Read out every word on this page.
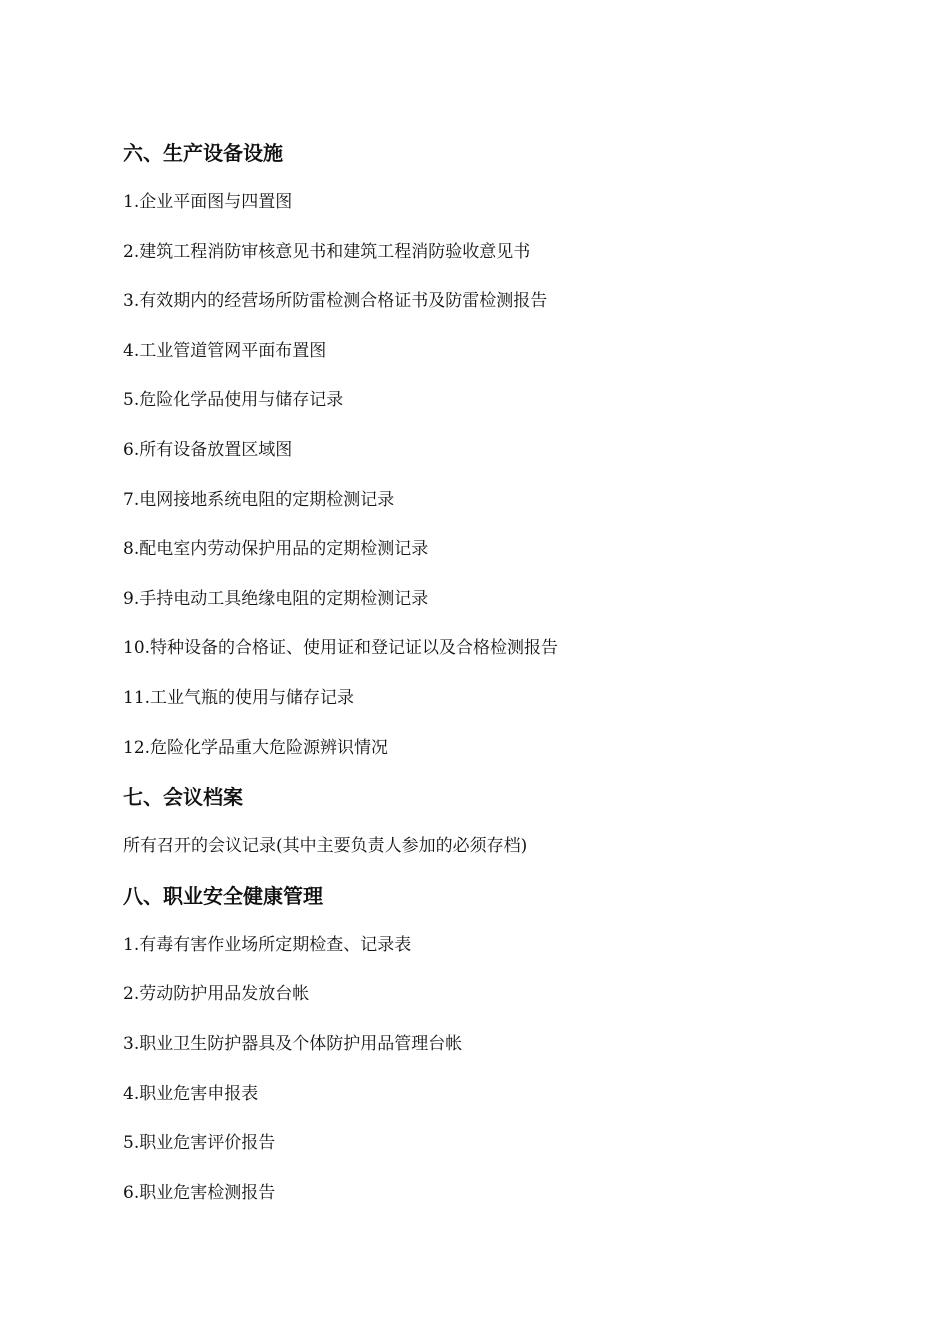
六、生产设备设施
1.企业平面图与四置图
2.建筑工程消防审核意见书和建筑工程消防验收意见书
3.有效期内的经营场所防雷检测合格证书及防雷检测报告
4.工业管道管网平面布置图
5.危险化学品使用与储存记录
6.所有设备放置区域图
7.电网接地系统电阻的定期检测记录
8.配电室内劳动保护用品的定期检测记录
9.手持电动工具绝缘电阻的定期检测记录
10.特种设备的合格证、使用证和登记证以及合格检测报告
11.工业气瓶的使用与储存记录
12.危险化学品重大危险源辨识情况
七、会议档案
所有召开的会议记录(其中主要负责人参加的必须存档)
八、职业安全健康管理
1.有毒有害作业场所定期检查、记录表
2.劳动防护用品发放台帐
3.职业卫生防护器具及个体防护用品管理台帐
4.职业危害申报表
5.职业危害评价报告
6.职业危害检测报告
